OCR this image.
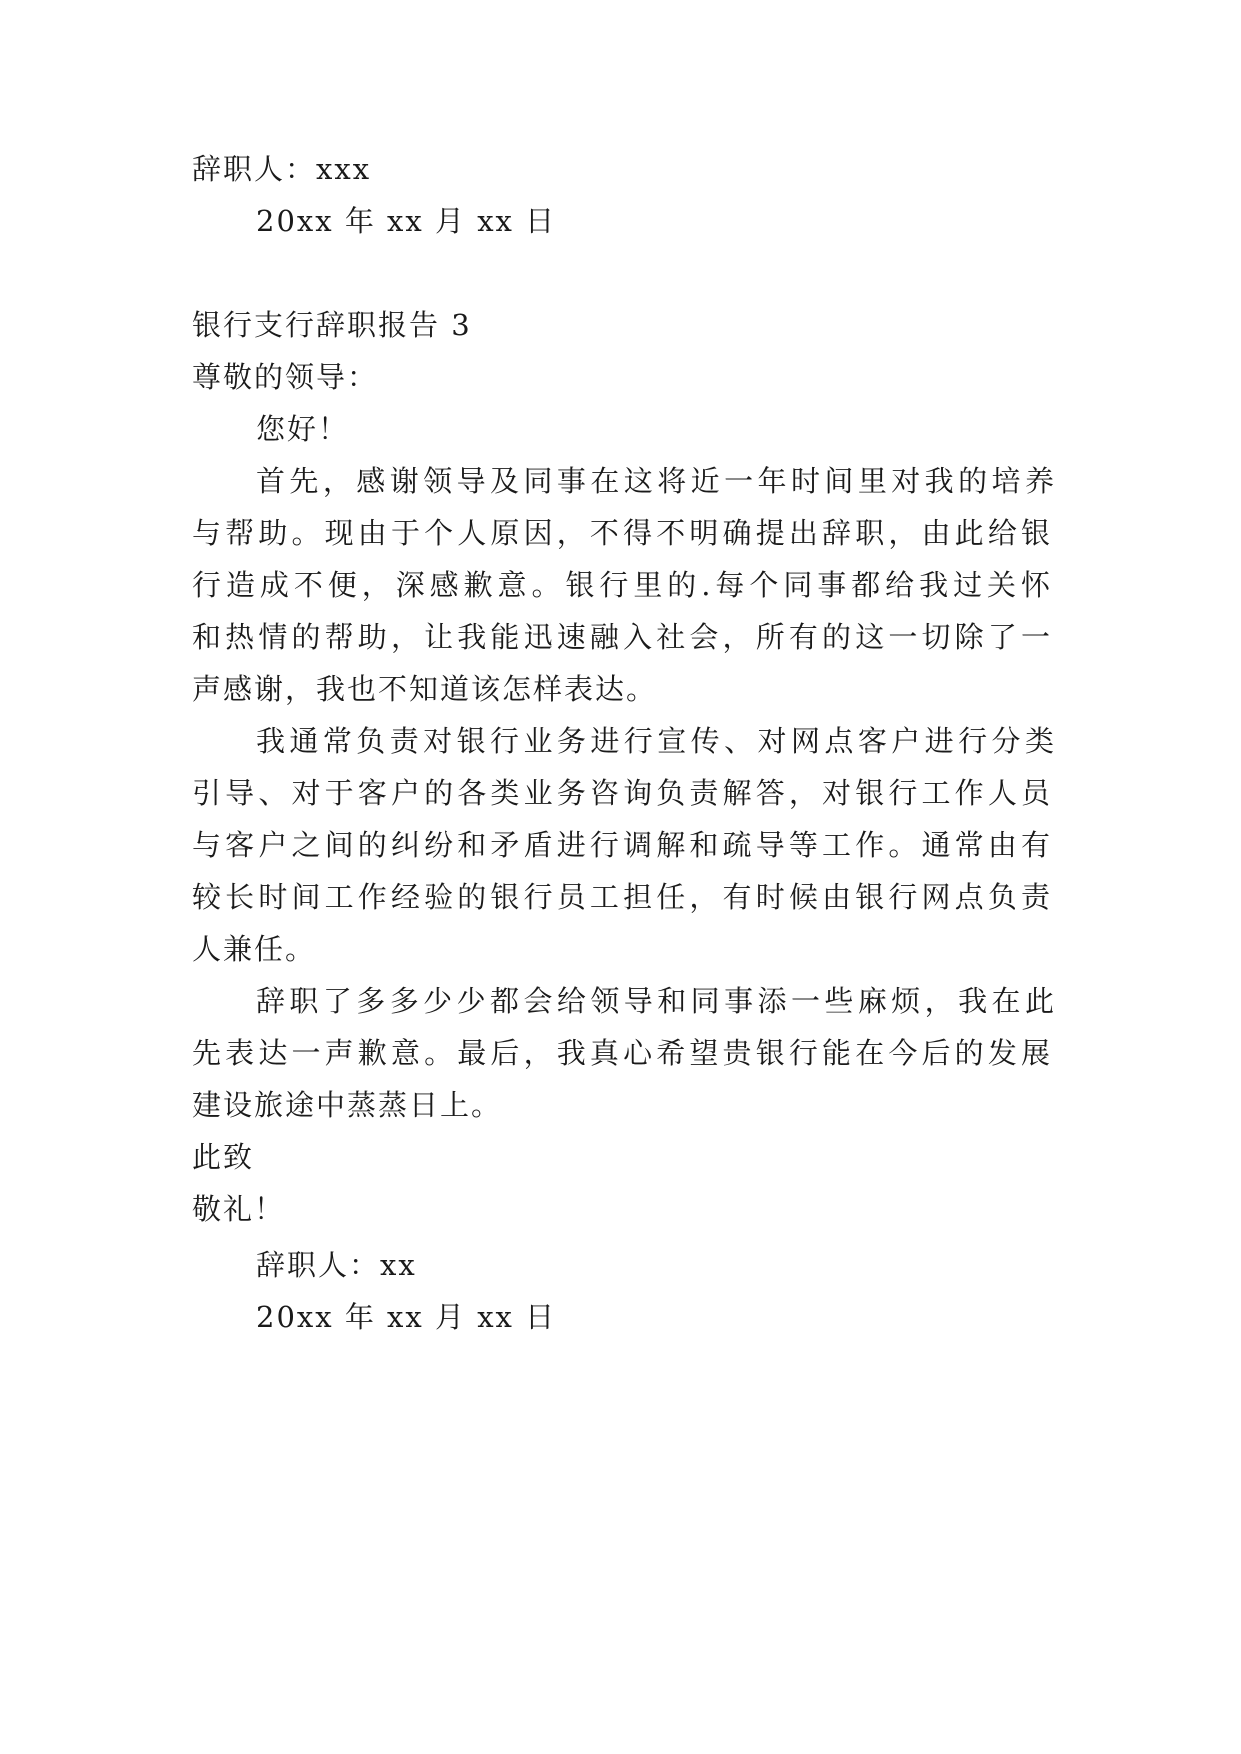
辞职人：xxx
20xx 年 xx 月 xx 日
银行支行辞职报告 3
尊敬的领导：
您好！
首先，感谢领导及同事在这将近一年时间里对我的培养
与帮助。现由于个人原因，不得不明确提出辞职，由此给银
行造成不便，深感歉意。银行里的.每个同事都给我过关怀
和热情的帮助，让我能迅速融入社会，所有的这一切除了一
声感谢，我也不知道该怎样表达。
我通常负责对银行业务进行宣传、对网点客户进行分类
引导、对于客户的各类业务咨询负责解答，对银行工作人员
与客户之间的纠纷和矛盾进行调解和疏导等工作。通常由有
较长时间工作经验的银行员工担任，有时候由银行网点负责
人兼任。
辞职了多多少少都会给领导和同事添一些麻烦，我在此
先表达一声歉意。最后，我真心希望贵银行能在今后的发展
建设旅途中蒸蒸日上。
此致
敬礼！
辞职人：xx
20xx 年 xx 月 xx 日
